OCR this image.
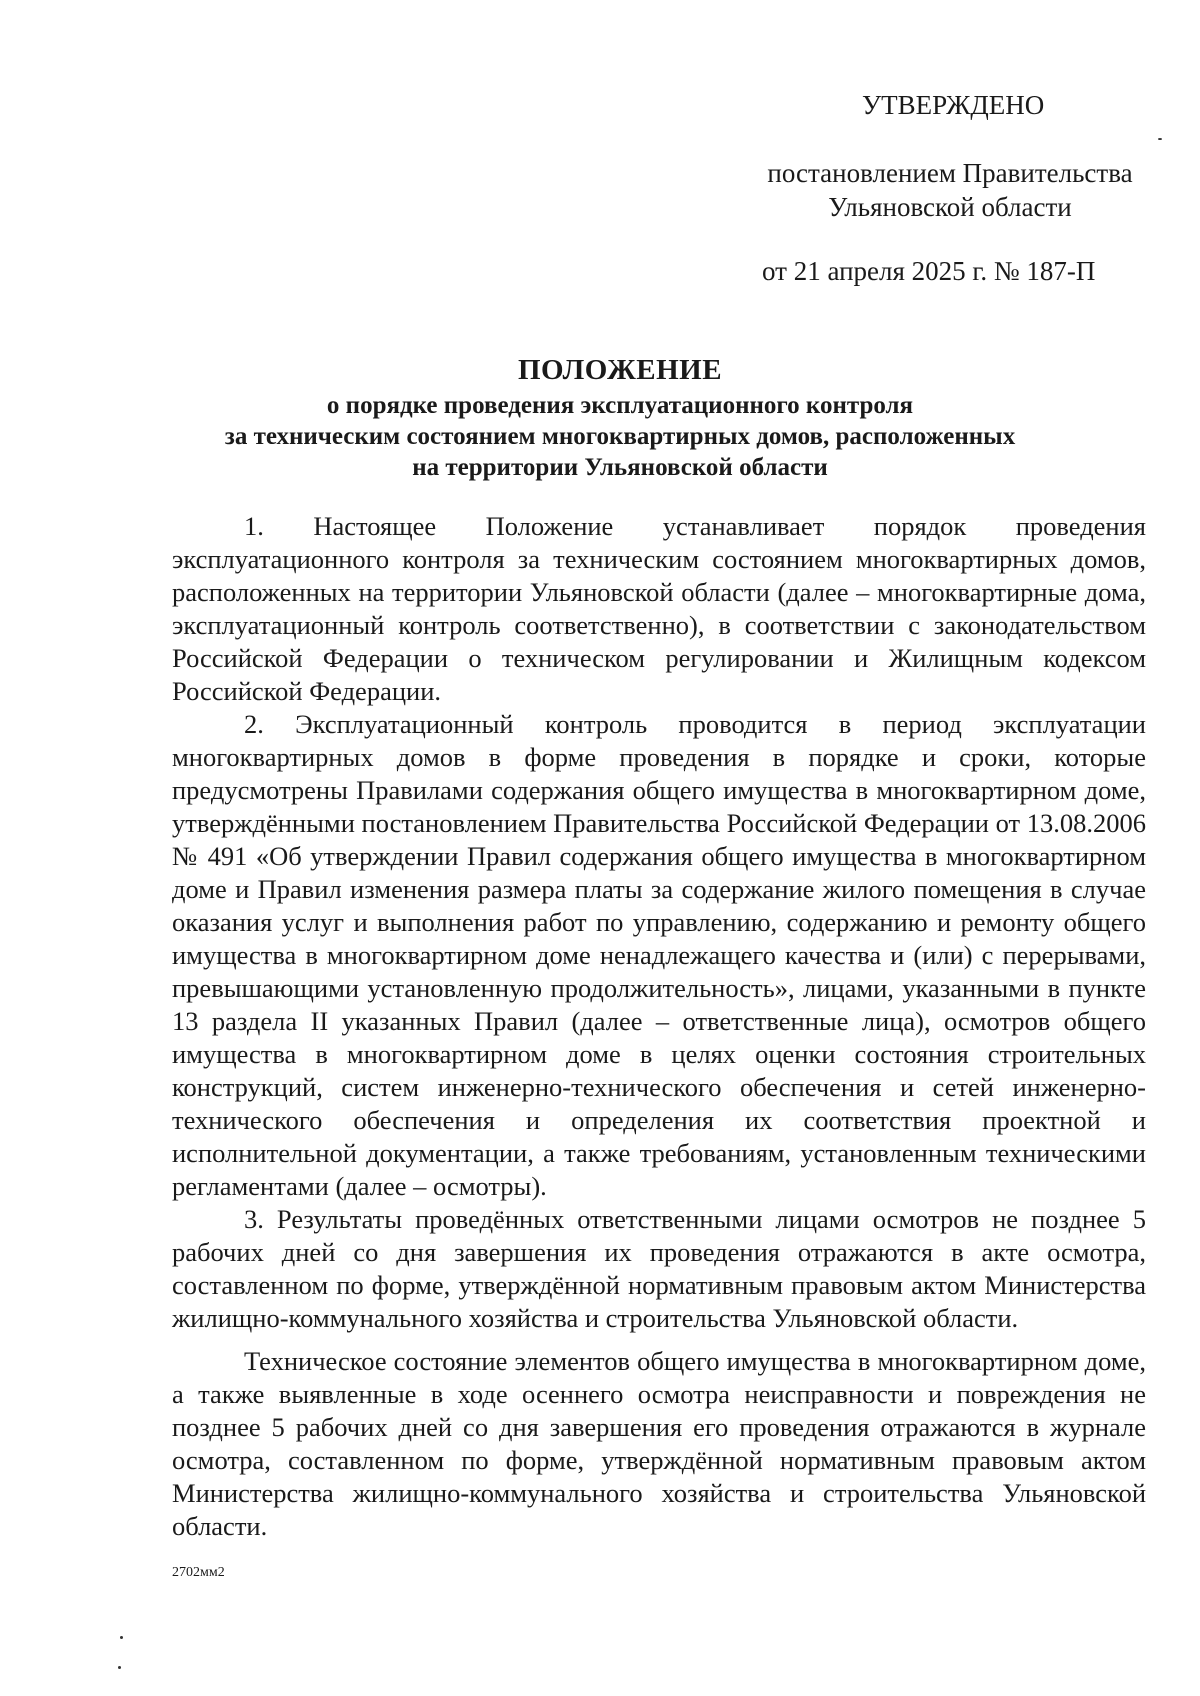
УТВЕРЖДЕНО
постановлением Правительства
Ульяновской области
от 21 апреля 2025 г. № 187-П
ПОЛОЖЕНИЕ
о порядке проведения эксплуатационного контроля
за техническим состоянием многоквартирных домов, расположенных
на территории Ульяновской области

1. Настоящее Положение устанавливает порядок проведения эксплуатационного контроля за техническим состоянием многоквартирных домов, расположенных на территории Ульяновской области (далее – многоквартирные дома, эксплуатационный контроль соответственно), в соответствии с законодательством Российской Федерации о техническом регулировании и Жилищным кодексом Российской Федерации.

2. Эксплуатационный контроль проводится в период эксплуатации многоквартирных домов в форме проведения в порядке и сроки, которые предусмотрены Правилами содержания общего имущества в многоквартирном доме, утверждёнными постановлением Правительства Российской Федерации от 13.08.2006 № 491 «Об утверждении Правил содержания общего имущества в многоквартирном доме и Правил изменения размера платы за содержание жилого помещения в случае оказания услуг и выполнения работ по управлению, содержанию и ремонту общего имущества в многоквартирном доме ненадлежащего качества и (или) с перерывами, превышающими установленную продолжительность», лицами, указанными в пункте 13 раздела II указанных Правил (далее – ответственные лица), осмотров общего имущества в многоквартирном доме в целях оценки состояния строительных конструкций, систем инженерно-технического обеспечения и сетей инженерно-технического обеспечения и определения их соответствия проектной и исполнительной документации, а также требованиям, установленным техническими регламентами (далее – осмотры).

3. Результаты проведённых ответственными лицами осмотров не позднее 5 рабочих дней со дня завершения их проведения отражаются в акте осмотра, составленном по форме, утверждённой нормативным правовым актом Министерства жилищно-коммунального хозяйства и строительства Ульяновской области.

Техническое состояние элементов общего имущества в многоквартирном доме, а также выявленные в ходе осеннего осмотра неисправности и повреждения не позднее 5 рабочих дней со дня завершения его проведения отражаются в журнале осмотра, составленном по форме, утверждённой нормативным правовым актом Министерства жилищно-коммунального хозяйства и строительства Ульяновской области.

2702мм2
